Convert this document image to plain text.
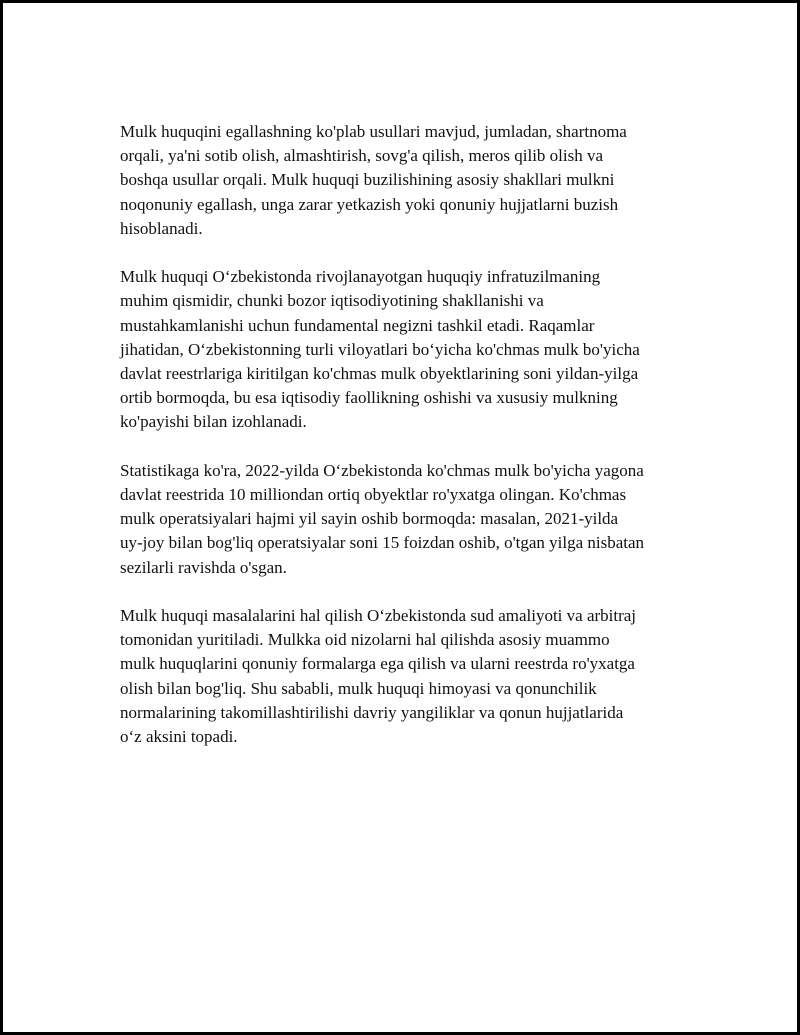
Mulk huquqini egallashning ko'plab usullari mavjud, jumladan, shartnoma
orqali, ya'ni sotib olish, almashtirish, sovg'a qilish, meros qilib olish va
boshqa usullar orqali. Mulk huquqi buzilishining asosiy shakllari mulkni
noqonuniy egallash, unga zarar yetkazish yoki qonuniy hujjatlarni buzish
hisoblanadi.

Mulk huquqi O‘zbekistonda rivojlanayotgan huquqiy infratuzilmaning
muhim qismidir, chunki bozor iqtisodiyotining shakllanishi va
mustahkamlanishi uchun fundamental negizni tashkil etadi. Raqamlar
jihatidan, O‘zbekistonning turli viloyatlari bo‘yicha ko'chmas mulk bo'yicha
davlat reestrlariga kiritilgan ko'chmas mulk obyektlarining soni yildan-yilga
ortib bormoqda, bu esa iqtisodiy faollikning oshishi va xususiy mulkning
ko'payishi bilan izohlanadi.

Statistikaga ko'ra, 2022-yilda O‘zbekistonda ko'chmas mulk bo'yicha yagona
davlat reestrida 10 milliondan ortiq obyektlar ro'yxatga olingan. Ko'chmas
mulk operatsiyalari hajmi yil sayin oshib bormoqda: masalan, 2021-yilda
uy-joy bilan bog'liq operatsiyalar soni 15 foizdan oshib, o'tgan yilga nisbatan
sezilarli ravishda o'sgan.

Mulk huquqi masalalarini hal qilish O‘zbekistonda sud amaliyoti va arbitraj
tomonidan yuritiladi. Mulkka oid nizolarni hal qilishda asosiy muammo
mulk huquqlarini qonuniy formalarga ega qilish va ularni reestrda ro'yxatga
olish bilan bog'liq. Shu sababli, mulk huquqi himoyasi va qonunchilik
normalarining takomillashtirilishi davriy yangiliklar va qonun hujjatlarida
o‘z aksini topadi.
